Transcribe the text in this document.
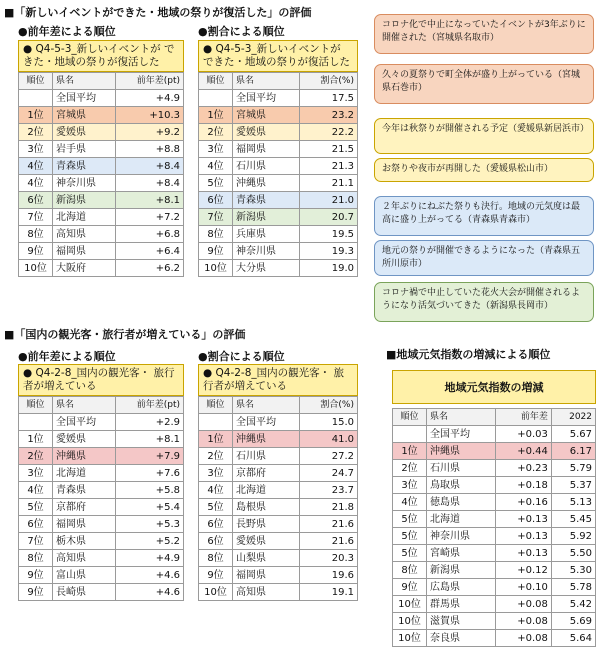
■「新しいイベントができた・地域の祭りが復活した」の評価
●前年差による順位
● Q4-5-3_新しいイベントが できた・地域の祭りが復活した
順位	県名	前年差(pt)
	全国平均	+4.9
1位	宮城県	+10.3
2位	愛媛県	+9.2
3位	岩手県	+8.8
4位	青森県	+8.4
4位	神奈川県	+8.4
6位	新潟県	+8.1
7位	北海道	+7.2
8位	高知県	+6.8
9位	福岡県	+6.4
10位	大阪府	+6.2
●割合による順位
● Q4-5-3_新しいイベントが できた・地域の祭りが復活した
順位	県名	割合(%)
	全国平均	17.5
1位	宮城県	23.2
2位	愛媛県	22.2
3位	福岡県	21.5
4位	石川県	21.3
5位	沖縄県	21.1
6位	青森県	21.0
7位	新潟県	20.7
8位	兵庫県	19.5
9位	神奈川県	19.3
10位	大分県	19.0
コロナ化で中止になっていたイベントが3年ぶりに開催された（宮城県名取市）
久々の夏祭りで町全体が盛り上がっている（宮城県石巻市）
今年は秋祭りが開催される予定（愛媛県新居浜市）
お祭りや夜市が再開した（愛媛県松山市）
２年ぶりにねぶた祭りも決行。地域の元気度は最高に盛り上がってる（青森県青森市）
地元の祭りが開催できるようになった（青森県五所川原市）
コロナ禍で中止していた花火大会が開催されるようになり活気づいてきた（新潟県長岡市）
■「国内の観光客・旅行者が増えている」の評価
●前年差による順位
● Q4-2-8_国内の観光客・ 旅行者が増えている
順位	県名	前年差(pt)
	全国平均	+2.9
1位	愛媛県	+8.1
2位	沖縄県	+7.9
3位	北海道	+7.6
4位	青森県	+5.8
5位	京都府	+5.4
6位	福岡県	+5.3
7位	栃木県	+5.2
8位	高知県	+4.9
9位	富山県	+4.6
9位	長崎県	+4.6
●割合による順位
● Q4-2-8_国内の観光客・ 旅行者が増えている
順位	県名	割合(%)
	全国平均	15.0
1位	沖縄県	41.0
2位	石川県	27.2
3位	京都府	24.7
4位	北海道	23.7
5位	島根県	21.8
6位	長野県	21.6
6位	愛媛県	21.6
8位	山梨県	20.3
9位	福岡県	19.6
10位	高知県	19.1
■地域元気指数の増減による順位
地域元気指数の増減
順位	県名	前年差	2022
	全国平均	+0.03	5.67
1位	沖縄県	+0.44	6.17
2位	石川県	+0.23	5.79
3位	鳥取県	+0.18	5.37
4位	徳島県	+0.16	5.13
5位	北海道	+0.13	5.45
5位	神奈川県	+0.13	5.92
5位	宮崎県	+0.13	5.50
8位	新潟県	+0.12	5.30
9位	広島県	+0.10	5.78
10位	群馬県	+0.08	5.42
10位	滋賀県	+0.08	5.69
10位	奈良県	+0.08	5.64
